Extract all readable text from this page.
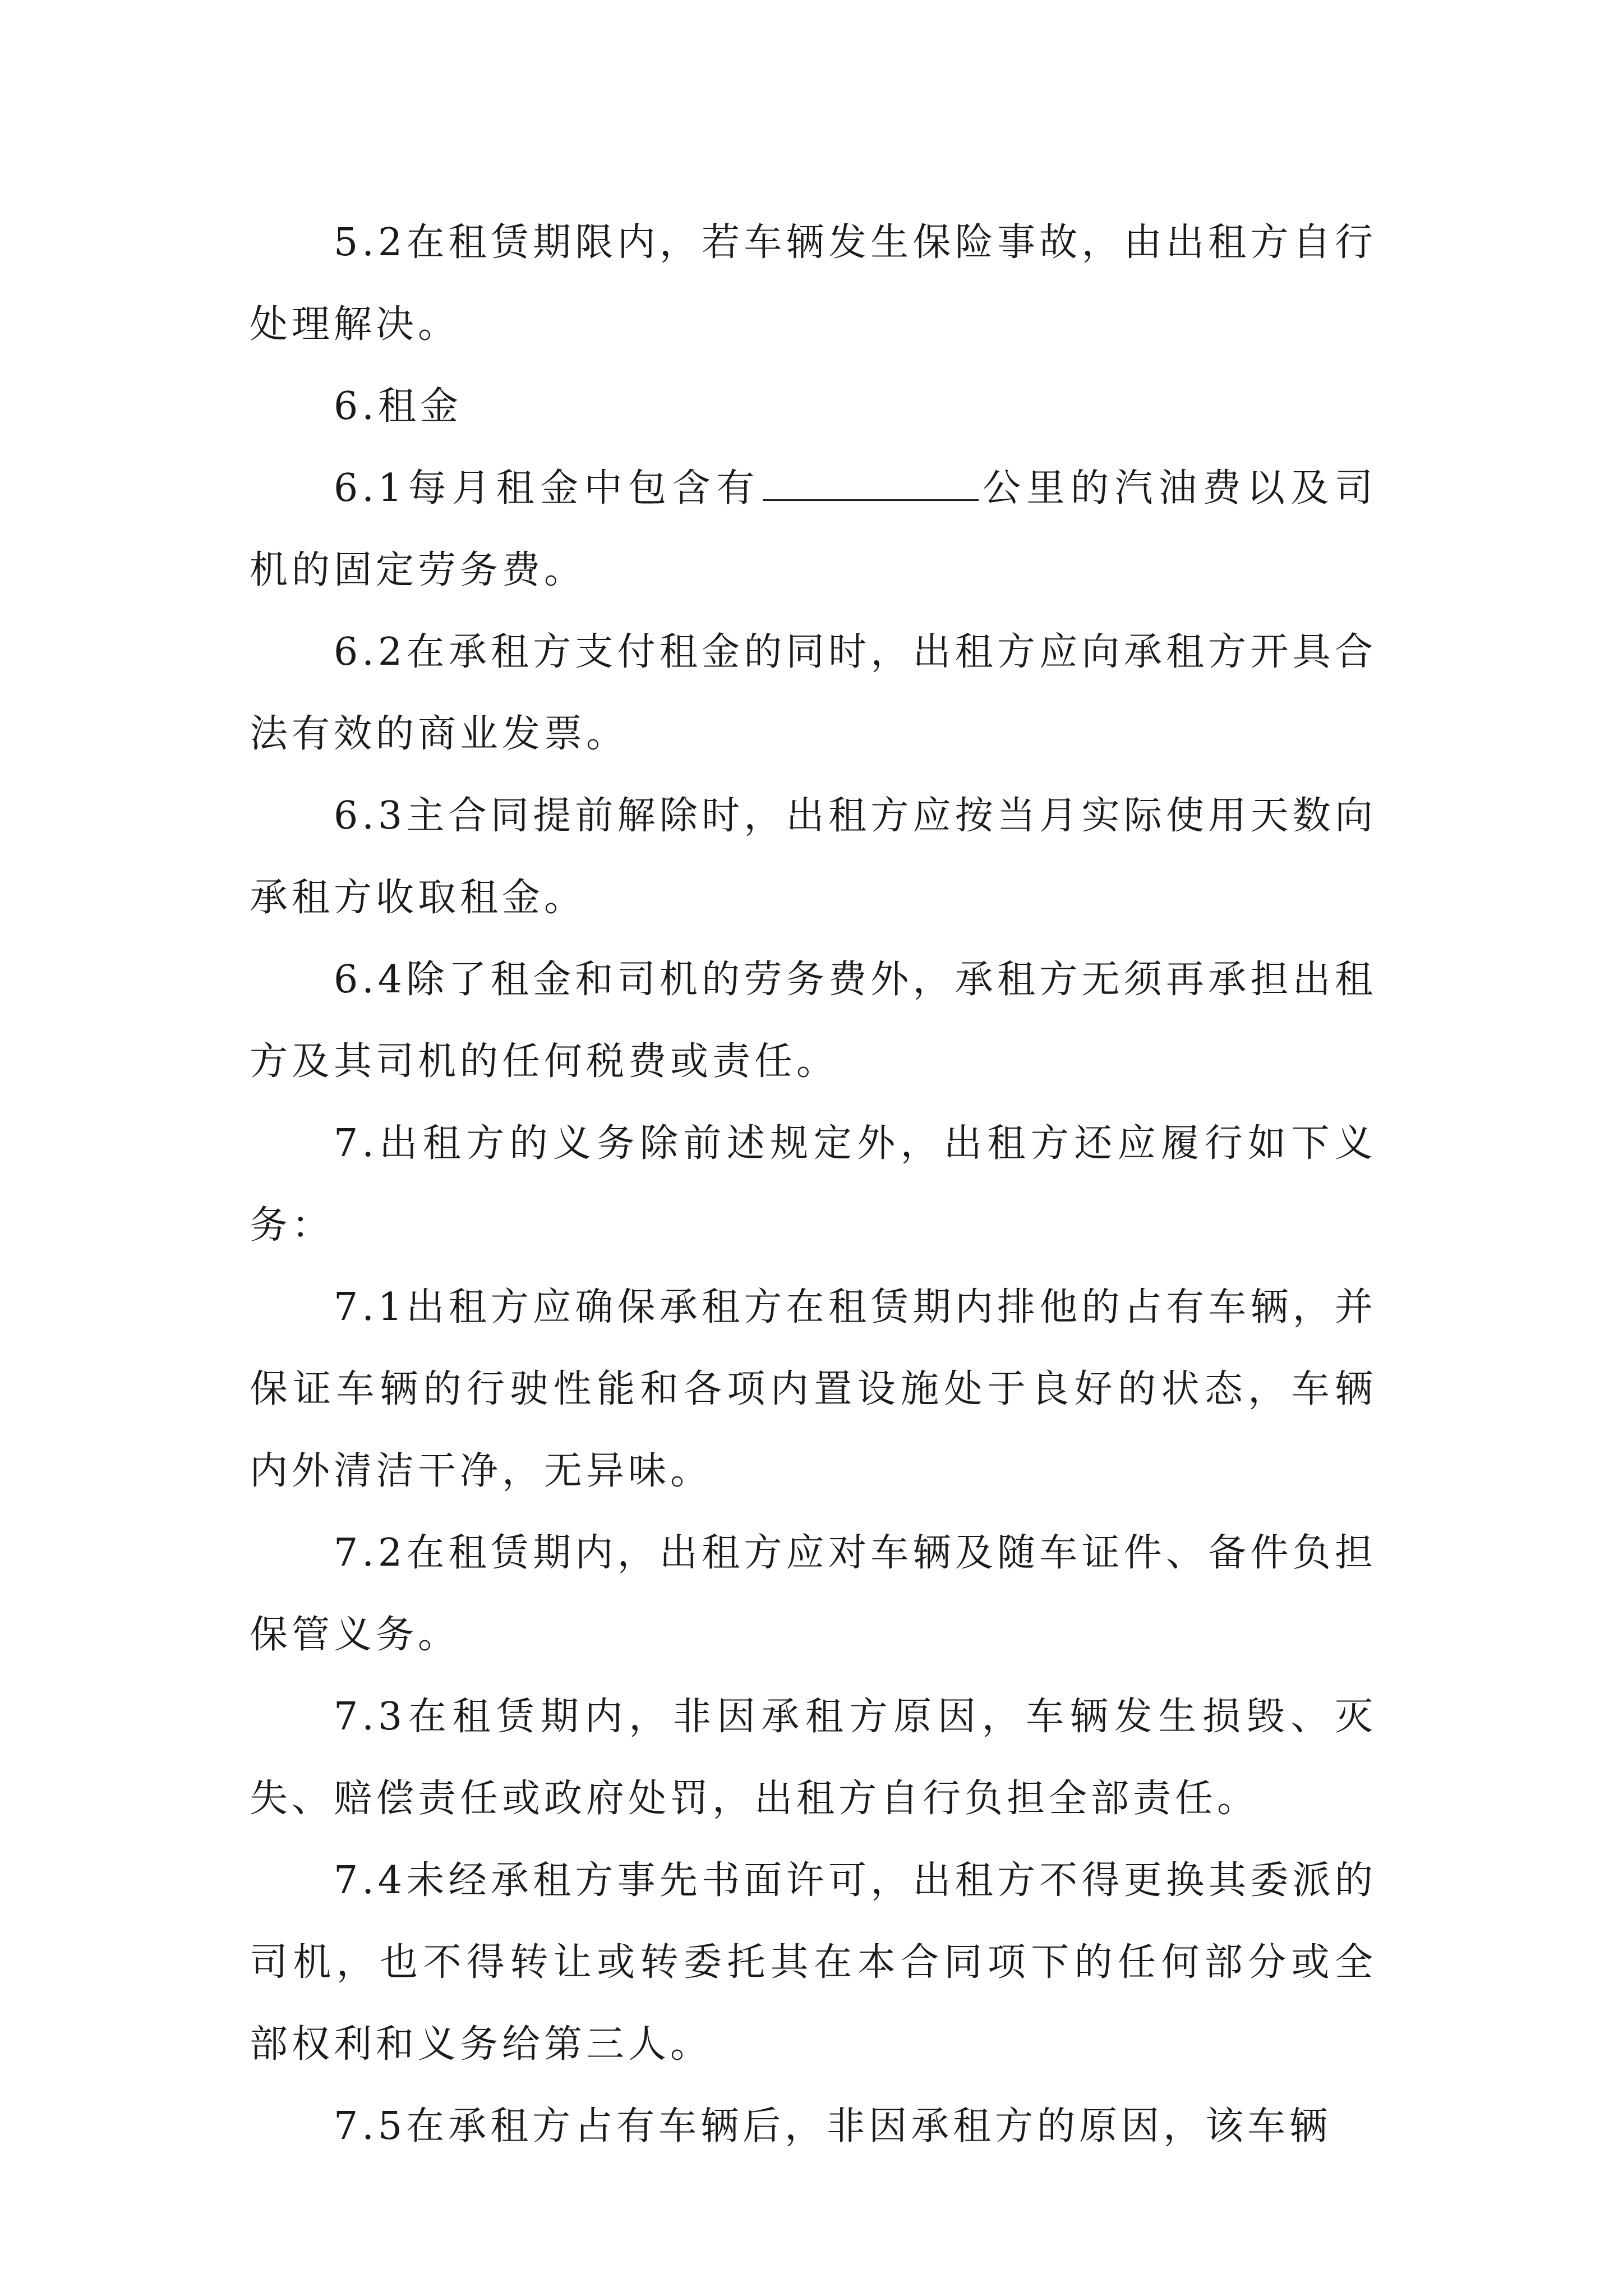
5.2在租赁期限内，若车辆发生保险事故，由出租方自行处理解决。

6.租金

6.1每月租金中包含有	公里的汽油费以及司机的固定劳务费。

6.2在承租方支付租金的同时，出租方应向承租方开具合法有效的商业发票。

6.3主合同提前解除时，出租方应按当月实际使用天数向承租方收取租金。

6.4除了租金和司机的劳务费外，承租方无须再承担出租方及其司机的任何税费或责任。

7.出租方的义务除前述规定外，出租方还应履行如下义务：

7.1出租方应确保承租方在租赁期内排他的占有车辆，并保证车辆的行驶性能和各项内置设施处于良好的状态，车辆内外清洁干净，无异味。

7.2在租赁期内，出租方应对车辆及随车证件、备件负担保管义务。

7.3在租赁期内，非因承租方原因，车辆发生损毁、灭失、赔偿责任或政府处罚，出租方自行负担全部责任。

7.4未经承租方事先书面许可，出租方不得更换其委派的司机，也不得转让或转委托其在本合同项下的任何部分或全部权利和义务给第三人。

7.5在承租方占有车辆后，非因承租方的原因，该车辆
